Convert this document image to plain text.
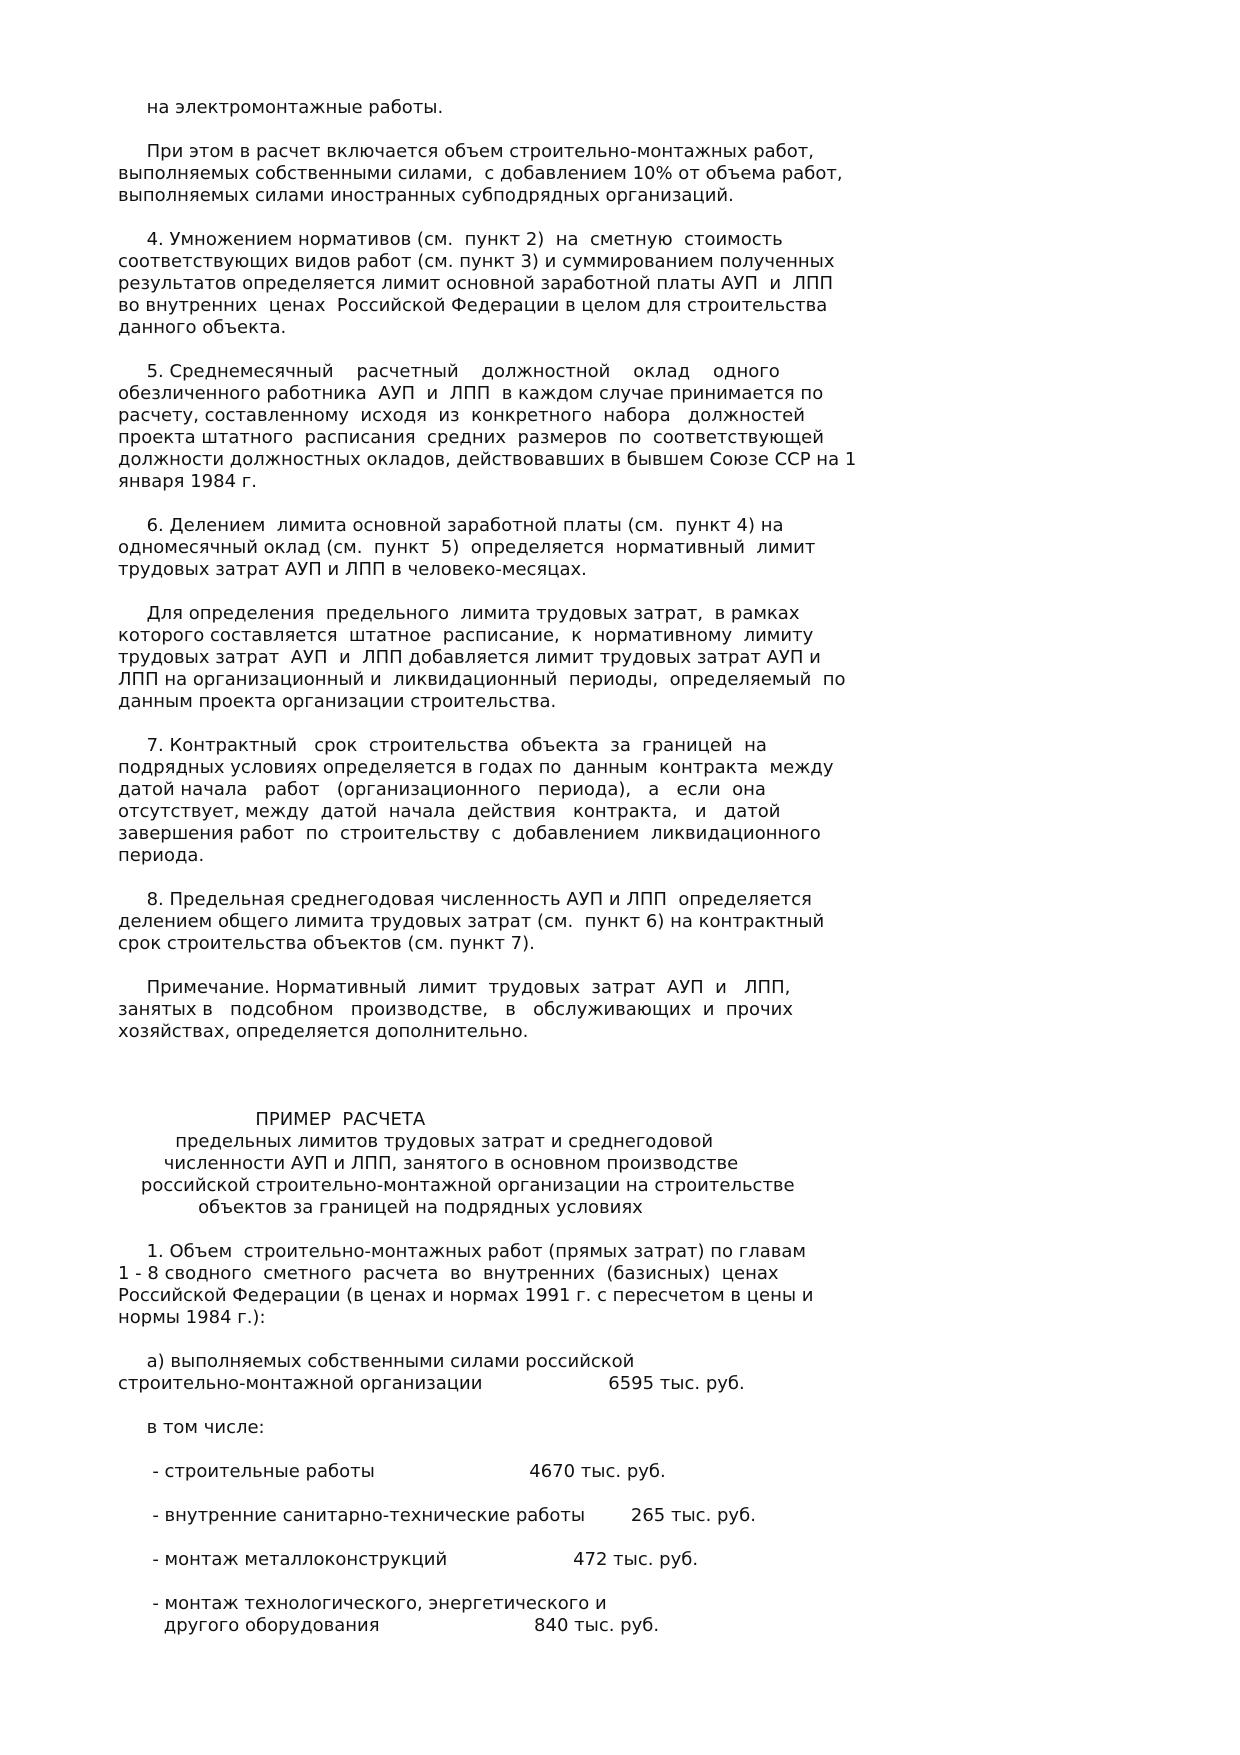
на электромонтажные работы.
При этом в расчет включается объем строительно-монтажных работ,
выполняемых собственными силами,  с добавлением 10% от объема работ,
выполняемых силами иностранных субподрядных организаций.
4. Умножением нормативов (см.  пункт 2)  на  сметную  стоимость
соответствующих видов работ (см. пункт 3) и суммированием полученных
результатов определяется лимит основной заработной платы АУП  и  ЛПП
во внутренних  ценах  Российской Федерации в целом для строительства
данного объекта.
5. Среднемесячный    расчетный    должностной    оклад    одного
обезличенного работника  АУП  и  ЛПП  в каждом случае принимается по
расчету, составленному  исходя  из  конкретного  набора   должностей
проекта штатного  расписания  средних  размеров  по  соответствующей
должности должностных окладов, действовавших в бывшем Союзе ССР на 1
января 1984 г.
6. Делением  лимита основной заработной платы (см.  пункт 4) на
одномесячный оклад (см.  пункт  5)  определяется  нормативный  лимит
трудовых затрат АУП и ЛПП в человеко-месяцах.
Для определения  предельного  лимита трудовых затрат,  в рамках
которого составляется  штатное  расписание,  к  нормативному  лимиту
трудовых затрат  АУП  и  ЛПП добавляется лимит трудовых затрат АУП и
ЛПП на организационный и  ликвидационный  периоды,  определяемый  по
данным проекта организации строительства.
7. Контрактный   срок  строительства  объекта  за  границей  на
подрядных условиях определяется в годах по  данным  контракта  между
датой начала   работ   (организационного   периода),   а   если  она
отсутствует, между  датой  начала  действия   контракта,   и   датой
завершения работ  по  строительству  с  добавлением  ликвидационного
периода.
8. Предельная среднегодовая численность АУП и ЛПП  определяется
делением общего лимита трудовых затрат (см.  пункт 6) на контрактный
срок строительства объектов (см. пункт 7).
Примечание. Нормативный  лимит  трудовых  затрат  АУП  и   ЛПП,
занятых в   подсобном   производстве,   в   обслуживающих  и  прочих
хозяйствах, определяется дополнительно.
ПРИМЕР  РАСЧЕТА
предельных лимитов трудовых затрат и среднегодовой
численности АУП и ЛПП, занятого в основном производстве
российской строительно-монтажной организации на строительстве
объектов за границей на подрядных условиях
1. Объем  строительно-монтажных работ (прямых затрат) по главам
1 - 8 сводного  сметного  расчета  во  внутренних  (базисных)  ценах
Российской Федерации (в ценах и нормах 1991 г. с пересчетом в цены и
нормы 1984 г.):
а) выполняемых собственными силами российской
строительно-монтажной организации                      6595 тыс. руб.
в том числе:
- строительные работы                           4670 тыс. руб.
- внутренние санитарно-технические работы        265 тыс. руб.
- монтаж металлоконструкций                      472 тыс. руб.
- монтаж технологического, энергетического и
другого оборудования                           840 тыс. руб.
